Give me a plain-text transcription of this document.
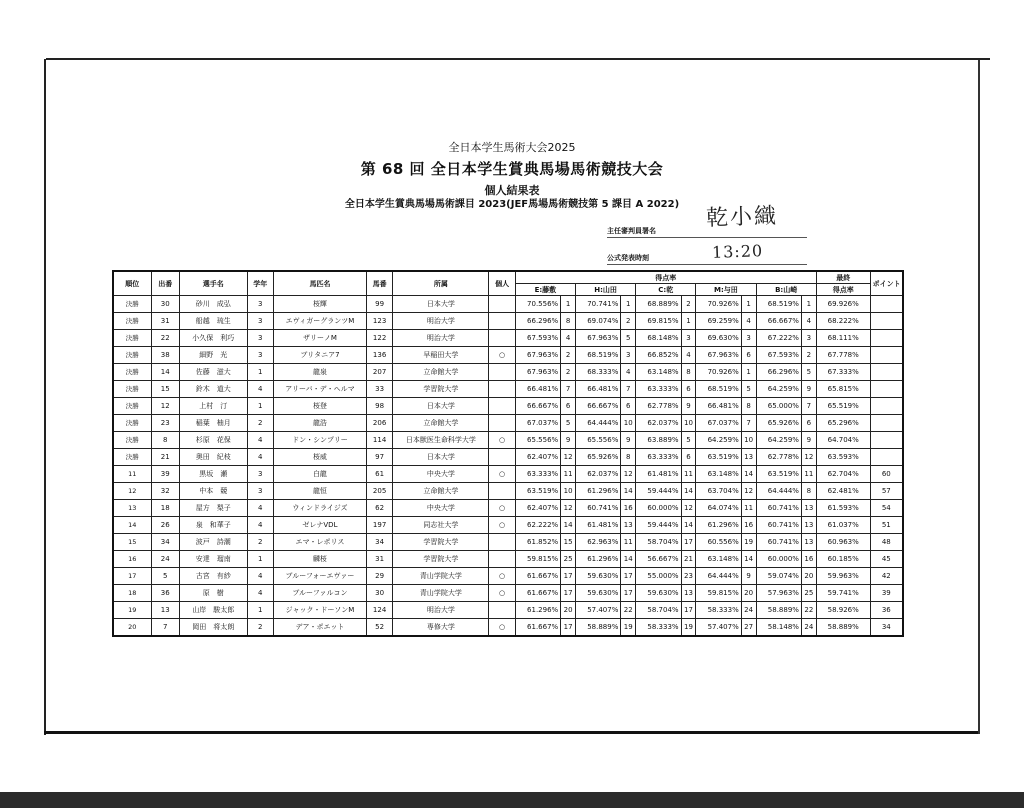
全日本学生馬術大会2025
第 68 回 全日本学生賞典馬場馬術競技大会
個人結果表
全日本学生賞典馬場馬術課目 2023(JEF馬場馬術競技第 5 課目 A 2022)
主任審判員署名 乾小織
公式発表時刻	13:20
順位	出番	選手名	学年	馬匹名	馬番	所属	個人	得点率										最終	ポイント
								E:藤敷		H:山田		C:乾		M:与田		B:山崎		得点率	
決勝	30	砂川　成弘	3	桜輝	99	日本大学		70.556%	1	70.741%	1	68.889%	2	70.926%	1	68.519%	1	69.926%	
決勝	31	船越　琉生	3	エヴィガーグランツM	123	明治大学		66.296%	8	69.074%	2	69.815%	1	69.259%	4	66.667%	4	68.222%	
決勝	22	小久保　利巧	3	ザリーノM	122	明治大学		67.593%	4	67.963%	5	68.148%	3	69.630%	3	67.222%	3	68.111%	
決勝	38	細野　光	3	ブリタニア7	136	早稲田大学	○	67.963%	2	68.519%	3	66.852%	4	67.963%	6	67.593%	2	67.778%	
決勝	14	佐藤　滋大	1	龍泉	207	立命館大学		67.963%	2	68.333%	4	63.148%	8	70.926%	1	66.296%	5	67.333%	
決勝	15	鈴木　道大	4	アリーバ・デ・ヘルマ	33	学習院大学		66.481%	7	66.481%	7	63.333%	6	68.519%	5	64.259%	9	65.815%	
決勝	12	上村　汀	1	桜登	98	日本大学		66.667%	6	66.667%	6	62.778%	9	66.481%	8	65.000%	7	65.519%	
決勝	23	稲葉　柚月	2	龍浩	206	立命館大学		67.037%	5	64.444%	10	62.037%	10	67.037%	7	65.926%	6	65.296%	
決勝	8	杉原　花保	4	ドン・シンプリー	114	日本獣医生命科学大学	○	65.556%	9	65.556%	9	63.889%	5	64.259%	10	64.259%	9	64.704%	
決勝	21	奥田　紀枝	4	桜威	97	日本大学		62.407%	12	65.926%	8	63.333%	6	63.519%	13	62.778%	12	63.593%	
11	39	黒坂　瀬	3	白龍	61	中央大学	○	63.333%	11	62.037%	12	61.481%	11	63.148%	14	63.519%	11	62.704%	60
12	32	中本　競	3	龍恒	205	立命館大学		63.519%	10	61.296%	14	59.444%	14	63.704%	12	64.444%	8	62.481%	57
13	18	屋方　梨子	4	ウィンドライジズ	62	中央大学	○	62.407%	12	60.741%	16	60.000%	12	64.074%	11	60.741%	13	61.593%	54
14	26	泉　和華子	4	ゼレナVDL	197	同志社大学	○	62.222%	14	61.481%	13	59.444%	14	61.296%	16	60.741%	13	61.037%	51
15	34	波戸　詩潮	2	エマ・レポリス	34	学習院大学		61.852%	15	62.963%	11	58.704%	17	60.556%	19	60.741%	13	60.963%	48
16	24	安達　瑠南	1	麟桜	31	学習院大学		59.815%	25	61.296%	14	56.667%	21	63.148%	14	60.000%	16	60.185%	45
17	5	古宮　有紗	4	ブルーフォーエヴァー	29	青山学院大学	○	61.667%	17	59.630%	17	55.000%	23	64.444%	9	59.074%	20	59.963%	42
18	36	原　樹	4	ブルーファルコン	30	青山学院大学	○	61.667%	17	59.630%	17	59.630%	13	59.815%	20	57.963%	25	59.741%	39
19	13	山岸　駿太郎	1	ジャック・ドーソンM	124	明治大学		61.296%	20	57.407%	22	58.704%	17	58.333%	24	58.889%	22	58.926%	36
20	7	岡田　将太朗	2	デア・ポエット	52	専修大学	○	61.667%	17	58.889%	19	58.333%	19	57.407%	27	58.148%	24	58.889%	34
